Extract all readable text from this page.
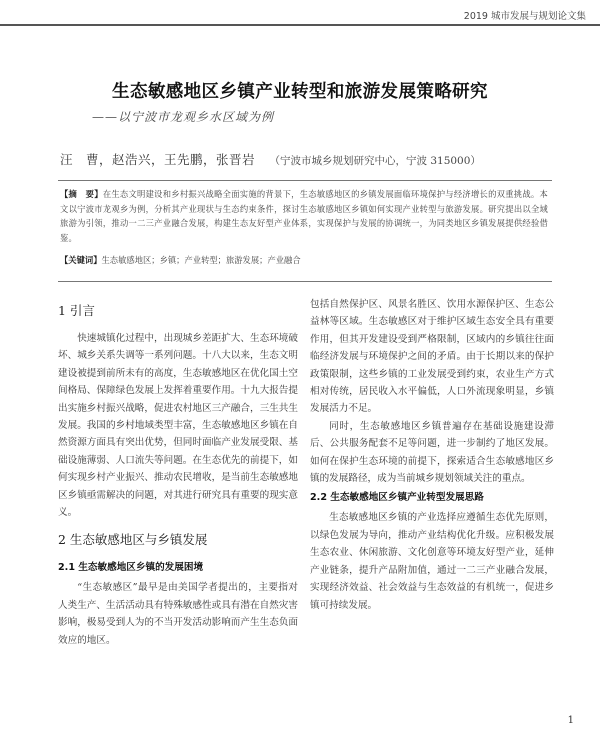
2019 城市发展与规划论文集
生态敏感地区乡镇产业转型和旅游发展策略研究
——以宁波市龙观乡水区域为例
汪　曹，赵浩兴，王先鹏，张晋岩 （宁波市城乡规划研究中心，宁波 315000）
【摘　要】在生态文明建设和乡村振兴战略全面实施的背景下，生态敏感地区的乡镇发展面临环境保护与经济增长的双重挑战。本文以宁波市龙观乡为例，分析其产业现状与生态约束条件，探讨生态敏感地区乡镇如何实现产业转型与旅游发展。研究提出以全域旅游为引领，推动一二三产业融合发展，构建生态友好型产业体系，实现保护与发展的协调统一，为同类地区乡镇发展提供经验借鉴。
【关键词】生态敏感地区；乡镇；产业转型；旅游发展；产业融合
1 引言
快速城镇化过程中，出现城乡差距扩大、生态环境破坏、城乡关系失调等一系列问题。十八大以来，生态文明建设被提到前所未有的高度，生态敏感地区在优化国土空间格局、保障绿色发展上发挥着重要作用。十九大报告提出实施乡村振兴战略，促进农村地区三产融合，三生共生发展。我国的乡村地域类型丰富，生态敏感地区乡镇在自然资源方面具有突出优势，但同时面临产业发展受限、基础设施薄弱、人口流失等问题。在生态优先的前提下，如何实现乡村产业振兴、推动农民增收，是当前生态敏感地区乡镇亟需解决的问题，对其进行研究具有重要的现实意义。
2 生态敏感地区与乡镇发展
2.1 生态敏感地区乡镇的发展困境
“生态敏感区”最早是由美国学者提出的，主要指对人类生产、生活活动具有特殊敏感性或具有潜在自然灾害影响，极易受到人为的不当开发活动影响而产生生态负面效应的地区。
包括自然保护区、风景名胜区、饮用水源保护区、生态公益林等区域。生态敏感区对于维护区域生态安全具有重要作用，但其开发建设受到严格限制，区域内的乡镇往往面临经济发展与环境保护之间的矛盾。由于长期以来的保护政策限制，这些乡镇的工业发展受到约束，农业生产方式相对传统，居民收入水平偏低，人口外流现象明显，乡镇发展活力不足。
同时，生态敏感地区乡镇普遍存在基础设施建设滞后、公共服务配套不足等问题，进一步制约了地区发展。如何在保护生态环境的前提下，探索适合生态敏感地区乡镇的发展路径，成为当前城乡规划领域关注的重点。
2.2 生态敏感地区乡镇产业转型发展思路
生态敏感地区乡镇的产业选择应遵循生态优先原则，以绿色发展为导向，推动产业结构优化升级。应积极发展生态农业、休闲旅游、文化创意等环境友好型产业，延伸产业链条，提升产品附加值，通过一二三产业融合发展，实现经济效益、社会效益与生态效益的有机统一，促进乡镇可持续发展。
1
